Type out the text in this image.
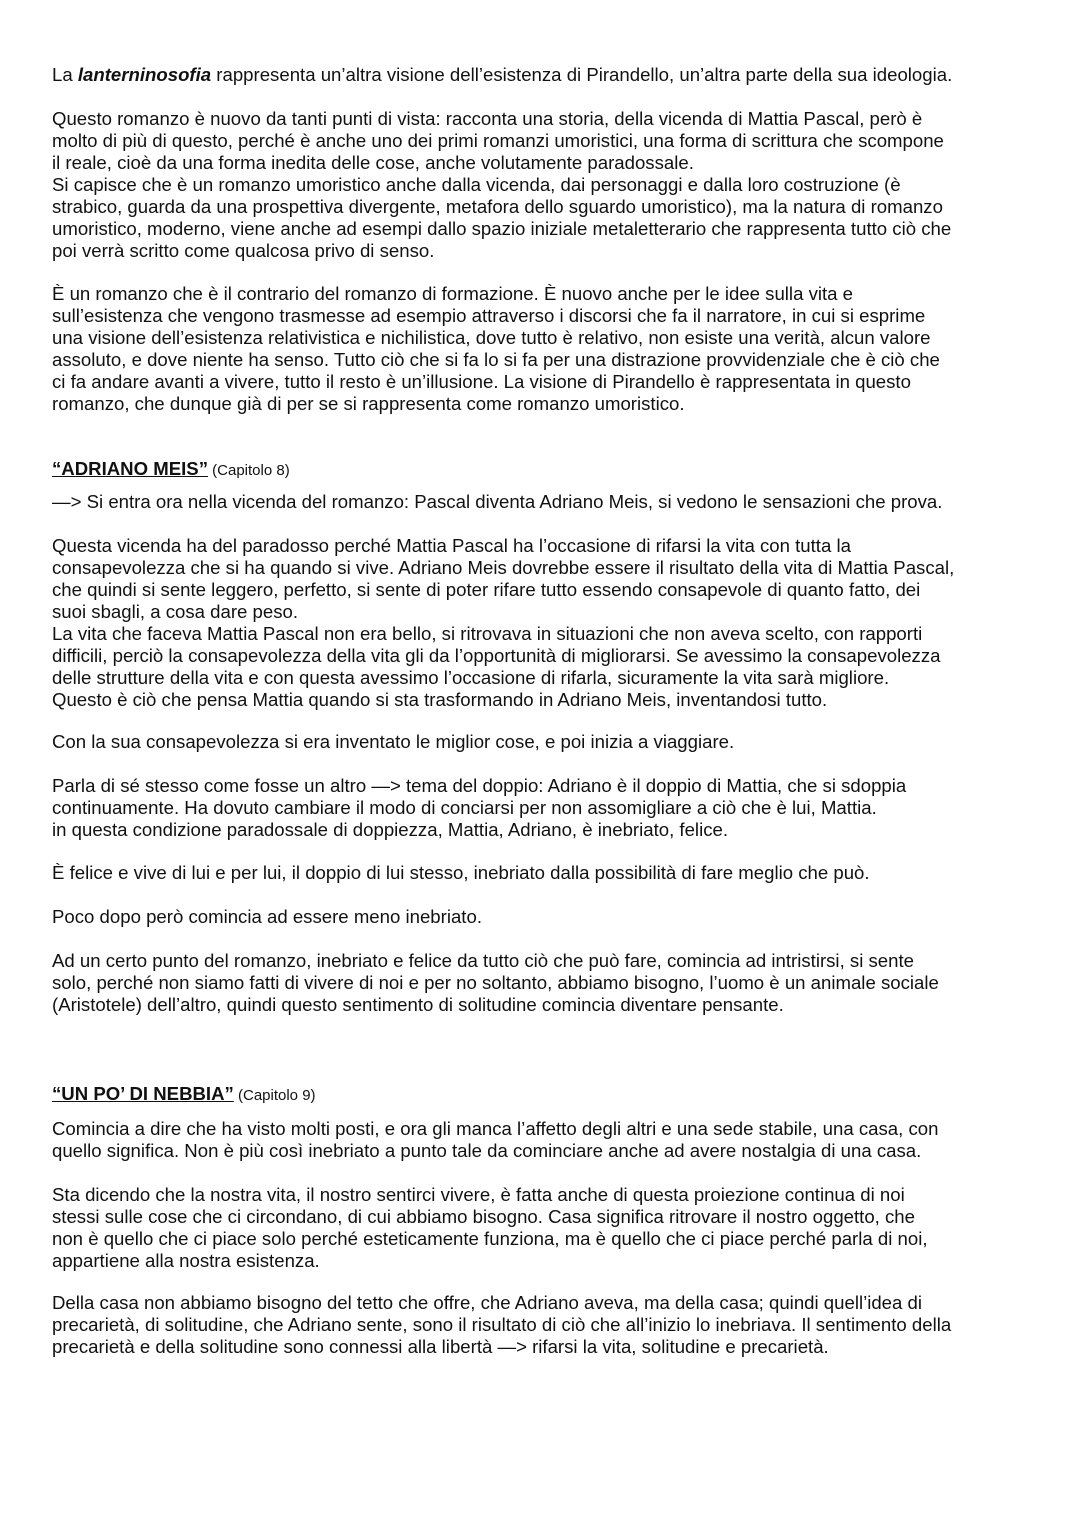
La lanterninosofia rappresenta un’altra visione dell’esistenza di Pirandello, un’altra parte della sua ideologia.

Questo romanzo è nuovo da tanti punti di vista: racconta una storia, della vicenda di Mattia Pascal, però è
molto di più di questo, perché è anche uno dei primi romanzi umoristici, una forma di scrittura che scompone
il reale, cioè da una forma inedita delle cose, anche volutamente paradossale.
Si capisce che è un romanzo umoristico anche dalla vicenda, dai personaggi e dalla loro costruzione (è
strabico, guarda da una prospettiva divergente, metafora dello sguardo umoristico), ma la natura di romanzo
umoristico, moderno, viene anche ad esempi dallo spazio iniziale metaletterario che rappresenta tutto ciò che
poi verrà scritto come qualcosa privo di senso.

È un romanzo che è il contrario del romanzo di formazione. È nuovo anche per le idee sulla vita e
sull’esistenza che vengono trasmesse ad esempio attraverso i discorsi che fa il narratore, in cui si esprime
una visione dell’esistenza relativistica e nichilistica, dove tutto è relativo, non esiste una verità, alcun valore
assoluto, e dove niente ha senso. Tutto ciò che si fa lo si fa per una distrazione provvidenziale che è ciò che
ci fa andare avanti a vivere, tutto il resto è un’illusione. La visione di Pirandello è rappresentata in questo
romanzo, che dunque già di per se si rappresenta come romanzo umoristico.

“ADRIANO MEIS” (Capitolo 8)

—> Si entra ora nella vicenda del romanzo: Pascal diventa Adriano Meis, si vedono le sensazioni che prova.

Questa vicenda ha del paradosso perché Mattia Pascal ha l’occasione di rifarsi la vita con tutta la
consapevolezza che si ha quando si vive. Adriano Meis dovrebbe essere il risultato della vita di Mattia Pascal,
che quindi si sente leggero, perfetto, si sente di poter rifare tutto essendo consapevole di quanto fatto, dei
suoi sbagli, a cosa dare peso.
La vita che faceva Mattia Pascal non era bello, si ritrovava in situazioni che non aveva scelto, con rapporti
difficili, perciò la consapevolezza della vita gli da l’opportunità di migliorarsi. Se avessimo la consapevolezza
delle strutture della vita e con questa avessimo l’occasione di rifarla, sicuramente la vita sarà migliore.
Questo è ciò che pensa Mattia quando si sta trasformando in Adriano Meis, inventandosi tutto.

Con la sua consapevolezza si era inventato le miglior cose, e poi inizia a viaggiare.

Parla di sé stesso come fosse un altro —> tema del doppio: Adriano è il doppio di Mattia, che si sdoppia
continuamente. Ha dovuto cambiare il modo di conciarsi per non assomigliare a ciò che è lui, Mattia.
in questa condizione paradossale di doppiezza, Mattia, Adriano, è inebriato, felice.

È felice e vive di lui e per lui, il doppio di lui stesso, inebriato dalla possibilità di fare meglio che può.

Poco dopo però comincia ad essere meno inebriato.

Ad un certo punto del romanzo, inebriato e felice da tutto ciò che può fare, comincia ad intristirsi, si sente
solo, perché non siamo fatti di vivere di noi e per no soltanto, abbiamo bisogno, l’uomo è un animale sociale
(Aristotele) dell’altro, quindi questo sentimento di solitudine comincia diventare pensante.

“UN PO’ DI NEBBIA” (Capitolo 9)

Comincia a dire che ha visto molti posti, e ora gli manca l’affetto degli altri e una sede stabile, una casa, con
quello significa. Non è più così inebriato a punto tale da cominciare anche ad avere nostalgia di una casa.

Sta dicendo che la nostra vita, il nostro sentirci vivere, è fatta anche di questa proiezione continua di noi
stessi sulle cose che ci circondano, di cui abbiamo bisogno. Casa significa ritrovare il nostro oggetto, che
non è quello che ci piace solo perché esteticamente funziona, ma è quello che ci piace perché parla di noi,
appartiene alla nostra esistenza.

Della casa non abbiamo bisogno del tetto che offre, che Adriano aveva, ma della casa; quindi quell’idea di
precarietà, di solitudine, che Adriano sente, sono il risultato di ciò che all’inizio lo inebriava. Il sentimento della
precarietà e della solitudine sono connessi alla libertà —> rifarsi la vita, solitudine e precarietà.
